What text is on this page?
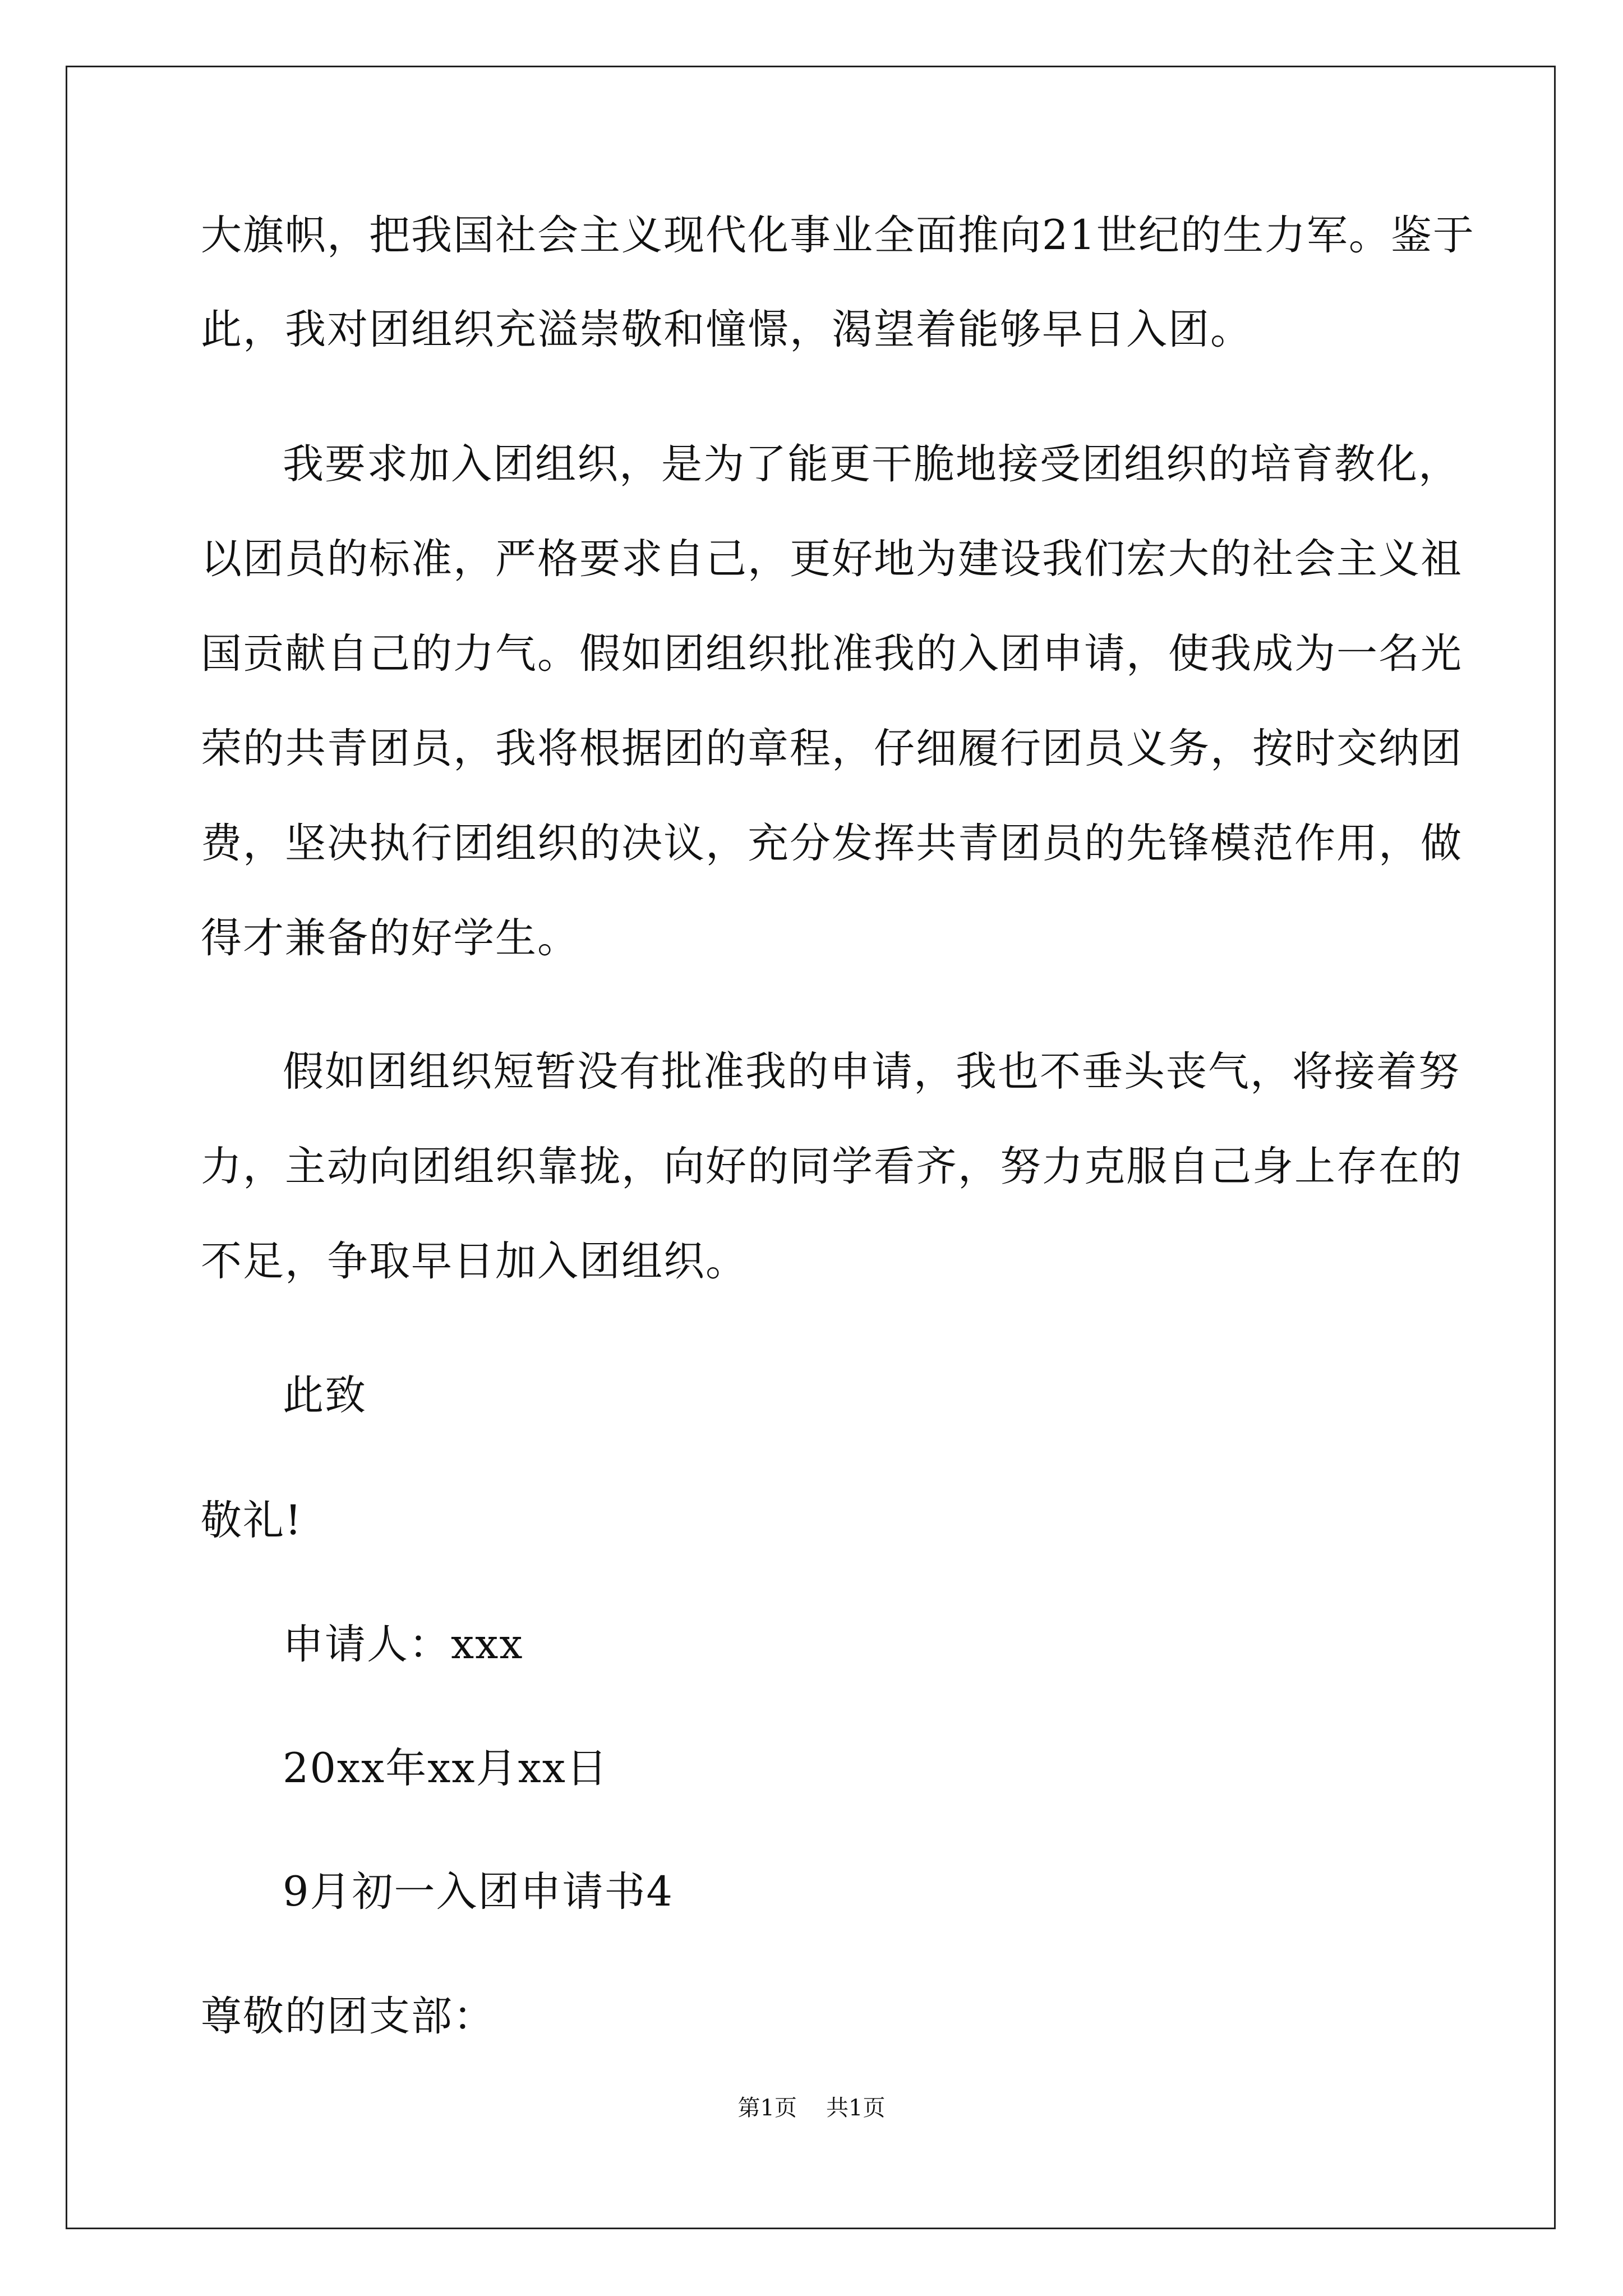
大旗帜，把我国社会主义现代化事业全面推向21世纪的生力军。鉴于
此，我对团组织充溢崇敬和憧憬，渴望着能够早日入团。
我要求加入团组织，是为了能更干脆地接受团组织的培育教化，
以团员的标准，严格要求自己，更好地为建设我们宏大的社会主义祖
国贡献自己的力气。假如团组织批准我的入团申请，使我成为一名光
荣的共青团员，我将根据团的章程，仔细履行团员义务，按时交纳团
费，坚决执行团组织的决议，充分发挥共青团员的先锋模范作用，做
得才兼备的好学生。
假如团组织短暂没有批准我的申请，我也不垂头丧气，将接着努
力，主动向团组织靠拢，向好的同学看齐，努力克服自己身上存在的
不足，争取早日加入团组织。
此致
敬礼!
申请人：xxx
20xx年xx月xx日
9月初一入团申请书4
尊敬的团支部：
第1页 共1页
